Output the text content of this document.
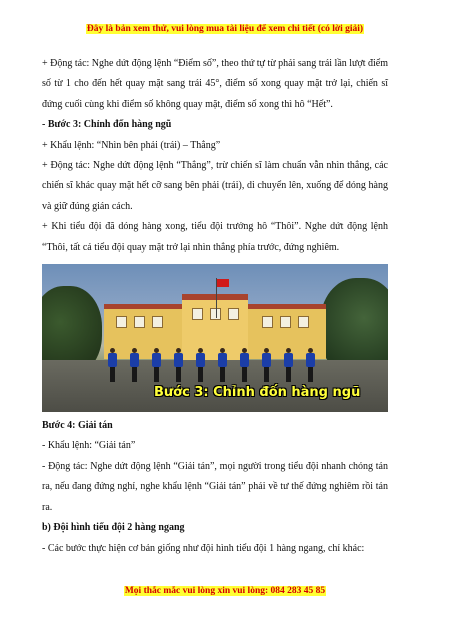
Đây là bản xem thử, vui lòng mua tài liệu để xem chi tiết (có lời giải)

+ Động tác: Nghe dứt động lệnh “Điểm số”, theo thứ tự từ phải sang trái lần lượt điểm số từ 1 cho đến hết quay mặt sang trái 45°, điểm số xong quay mặt trở lại, chiến sĩ đứng cuối cùng khi điểm số không quay mặt, điểm số xong thì hô “Hết”.

- Bước 3: Chỉnh đốn hàng ngũ

+ Khẩu lệnh: “Nhìn bên phải (trái) – Thẳng”

+ Động tác: Nghe dứt động lệnh “Thẳng”, trừ chiến sĩ làm chuẩn vẫn nhìn thẳng, các chiến sĩ khác quay mặt hết cỡ sang bên phải (trái), di chuyển lên, xuống để dóng hàng và giữ đúng gián cách.

+ Khi tiểu đội đã dóng hàng xong, tiểu đội trưởng hô “Thôi”. Nghe dứt động lệnh “Thôi, tất cả tiểu đội quay mặt trở lại nhìn thẳng phía trước, đứng nghiêm.

Bước 3: Chỉnh đốn hàng ngũ

Bước 4: Giải tán

- Khẩu lệnh: “Giải tán”

- Động tác: Nghe dứt động lệnh “Giải tán”, mọi người trong tiểu đội nhanh chóng tản ra, nếu đang đứng nghỉ, nghe khẩu lệnh “Giải tán” phải về tư thế đứng nghiêm rồi tản ra.

b) Đội hình tiểu đội 2 hàng ngang

- Các bước thực hiện cơ bản giống như đội hình tiểu đội 1 hàng ngang, chỉ khác:

Mọi thắc mắc vui lòng xin vui lòng: 084 283 45 85
